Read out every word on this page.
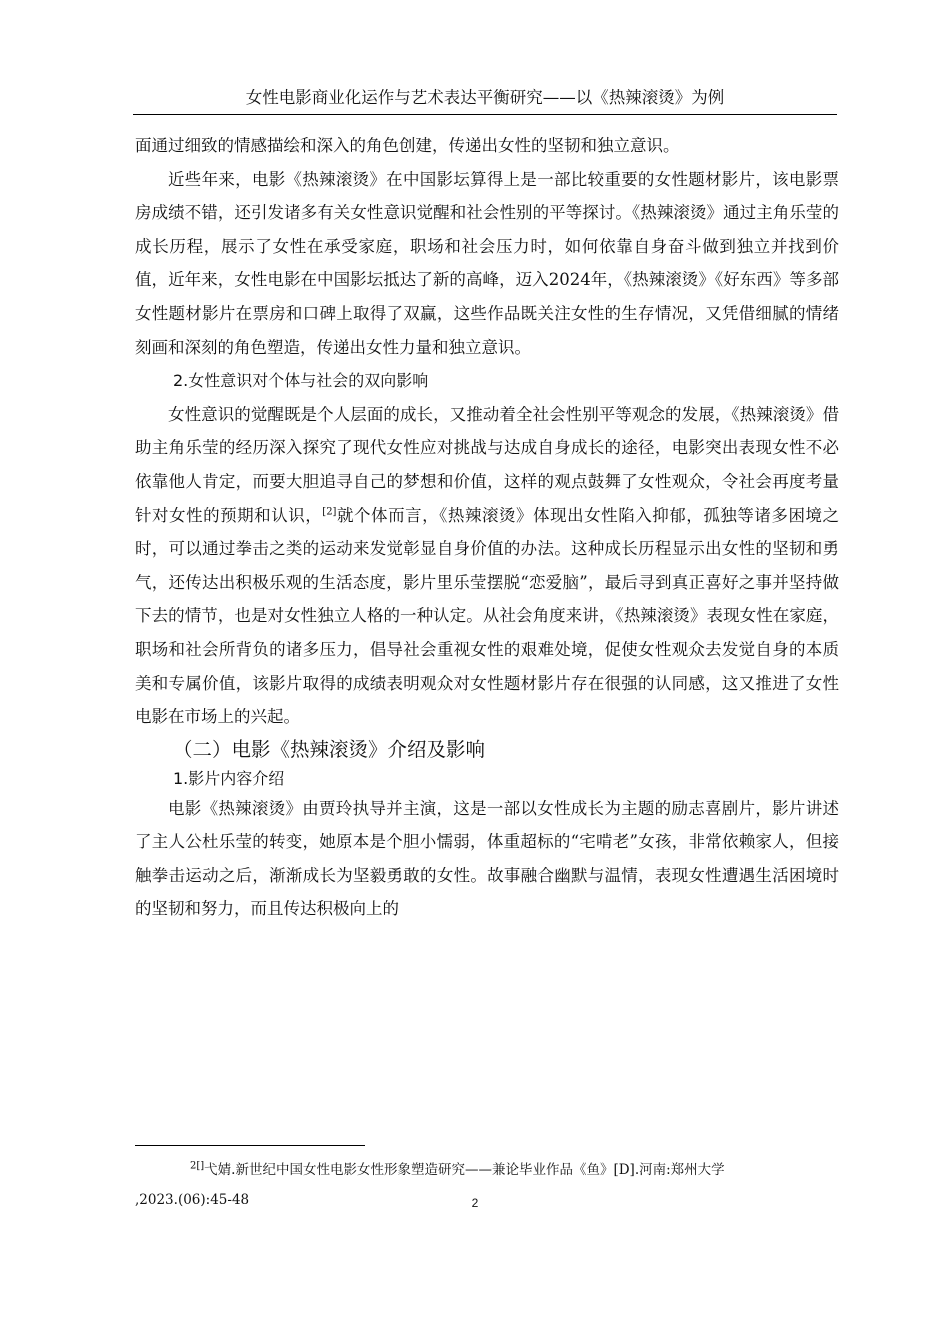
女性电影商业化运作与艺术表达平衡研究——以《热辣滚烫》为例

面通过细致的情感描绘和深入的角色创建，传递出女性的坚韧和独立意识。

近些年来，电影《热辣滚烫》在中国影坛算得上是一部比较重要的女性题材影片，该电影票房成绩不错，还引发诸多有关女性意识觉醒和社会性别的平等探讨。《热辣滚烫》通过主角乐莹的成长历程，展示了女性在承受家庭，职场和社会压力时，如何依靠自身奋斗做到独立并找到价值，近年来，女性电影在中国影坛抵达了新的高峰，迈入2024年，《热辣滚烫》《好东西》等多部女性题材影片在票房和口碑上取得了双赢，这些作品既关注女性的生存情况，又凭借细腻的情绪刻画和深刻的角色塑造，传递出女性力量和独立意识。

2.女性意识对个体与社会的双向影响

女性意识的觉醒既是个人层面的成长，又推动着全社会性别平等观念的发展，《热辣滚烫》借助主角乐莹的经历深入探究了现代女性应对挑战与达成自身成长的途径，电影突出表现女性不必依靠他人肯定，而要大胆追寻自己的梦想和价值，这样的观点鼓舞了女性观众，令社会再度考量针对女性的预期和认识，[2]就个体而言，《热辣滚烫》体现出女性陷入抑郁，孤独等诸多困境之时，可以通过拳击之类的运动来发觉彰显自身价值的办法。这种成长历程显示出女性的坚韧和勇气，还传达出积极乐观的生活态度，影片里乐莹摆脱“恋爱脑”，最后寻到真正喜好之事并坚持做下去的情节，也是对女性独立人格的一种认定。从社会角度来讲，《热辣滚烫》表现女性在家庭，职场和社会所背负的诸多压力，倡导社会重视女性的艰难处境，促使女性观众去发觉自身的本质美和专属价值，该影片取得的成绩表明观众对女性题材影片存在很强的认同感，这又推进了女性电影在市场上的兴起。

（二）电影《热辣滚烫》介绍及影响

1.影片内容介绍

电影《热辣滚烫》由贾玲执导并主演，这是一部以女性成长为主题的励志喜剧片，影片讲述了主人公杜乐莹的转变，她原本是个胆小懦弱，体重超标的“宅啃老”女孩，非常依赖家人，但接触拳击运动之后，渐渐成长为坚毅勇敢的女性。故事融合幽默与温情，表现女性遭遇生活困境时的坚韧和努力，而且传达积极向上的

$^{2[]}$弋婧.新世纪中国女性电影女性形象塑造研究——兼论毕业作品《鱼》[D].河南:郑州大学
,2023.(06):45-48	2
